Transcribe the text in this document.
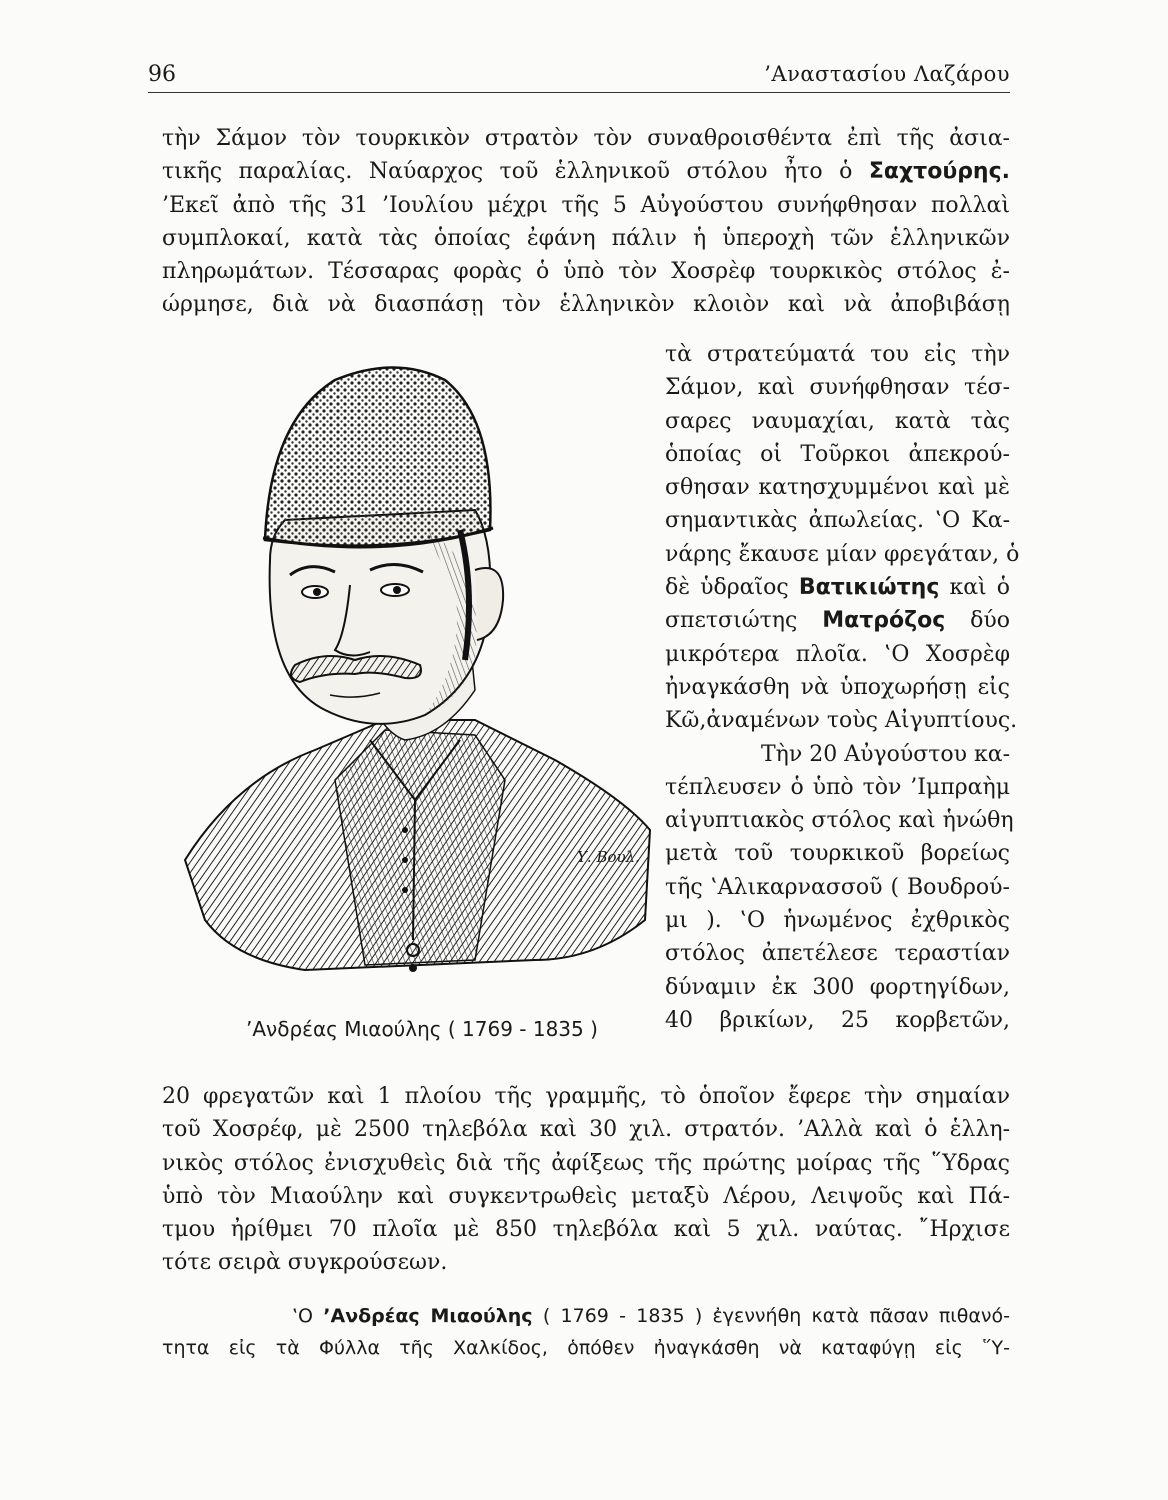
96	’Αναστασίου Λαζάρου
τὴν Σάμον τὸν τουρκικὸν στρατὸν τὸν συναθροισθέντα ἐπὶ τῆς ἀσια-
τικῆς παραλίας. Ναύαρχος τοῦ ἑλληνικοῦ στόλου ἦτο ὁ Σαχτούρης.
’Εκεῖ ἀπὸ τῆς 31 ’Ιουλίου μέχρι τῆς 5 Αὐγούστου συνήφθησαν πολλαὶ
συμπλοκαί, κατὰ τὰς ὁποίας ἐφάνη πάλιν ἡ ὑπεροχὴ τῶν ἑλληνικῶν
πληρωμάτων. Τέσσαρας φορὰς ὁ ὑπὸ τὸν Χοσρὲφ τουρκικὸς στόλος ἐ-
ώρμησε, διὰ νὰ διασπάσῃ τὸν ἑλληνικὸν κλοιὸν καὶ νὰ ἀποβιβάσῃ
Υ. Βουλ.
’Ανδρέας Μιαούλης ( 1769 - 1835 )
τὰ στρατεύματά του εἰς τὴν
Σάμον, καὶ συνήφθησαν τέσ-
σαρες ναυμαχίαι, κατὰ τὰς
ὁποίας οἱ Τοῦρκοι ἀπεκρού-
σθησαν κατησχυμμένοι καὶ μὲ
σημαντικὰς ἀπωλείας. ‛Ο Κα-
νάρης ἔκαυσε μίαν φρεγάταν, ὁ
δὲ ὑδραῖος Βατικιώτης καὶ ὁ
σπετσιώτης Ματρόζος δύο
μικρότερα πλοῖα. ‛Ο Χοσρὲφ
ἠναγκάσθη νὰ ὑποχωρήσῃ εἰς
Κῶ,ἀναμένων τοὺς Αἰγυπτίους.
Τὴν 20 Αὐγούστου κα-
τέπλευσεν ὁ ὑπὸ τὸν ’Ιμπραὴμ
αἰγυπτιακὸς στόλος καὶ ἡνώθη
μετὰ τοῦ τουρκικοῦ βορείως
τῆς ‛Αλικαρνασσοῦ ( Βουδρού-
μι ). ‛Ο ἡνωμένος ἐχθρικὸς
στόλος ἀπετέλεσε τεραστίαν
δύναμιν ἐκ 300 φορτηγίδων,
40 βρικίων, 25 κορβετῶν,
20 φρεγατῶν καὶ 1 πλοίου τῆς γραμμῆς, τὸ ὁποῖον ἔφερε τὴν σημαίαν
τοῦ Χοσρέφ, μὲ 2500 τηλεβόλα καὶ 30 χιλ. στρατόν. ’Αλλὰ καὶ ὁ ἑλλη-
νικὸς στόλος ἐνισχυθεὶς διὰ τῆς ἀφίξεως τῆς πρώτης μοίρας τῆς ῞Υδρας
ὑπὸ τὸν Μιαούλην καὶ συγκεντρωθεὶς μεταξὺ Λέρου, Λειψοῦς καὶ Πά-
τμου ἠρίθμει 70 πλοῖα μὲ 850 τηλεβόλα καὶ 5 χιλ. ναύτας. ῎Ηρχισε
τότε σειρὰ συγκρούσεων.
‛Ο ’Ανδρέας Μιαούλης ( 1769 - 1835 ) ἐγεννήθη κατὰ πᾶσαν πιθανό-
τητα εἰς τὰ Φύλλα τῆς Χαλκίδος, ὁπόθεν ἠναγκάσθη νὰ καταφύγῃ εἰς ῞Υ-
